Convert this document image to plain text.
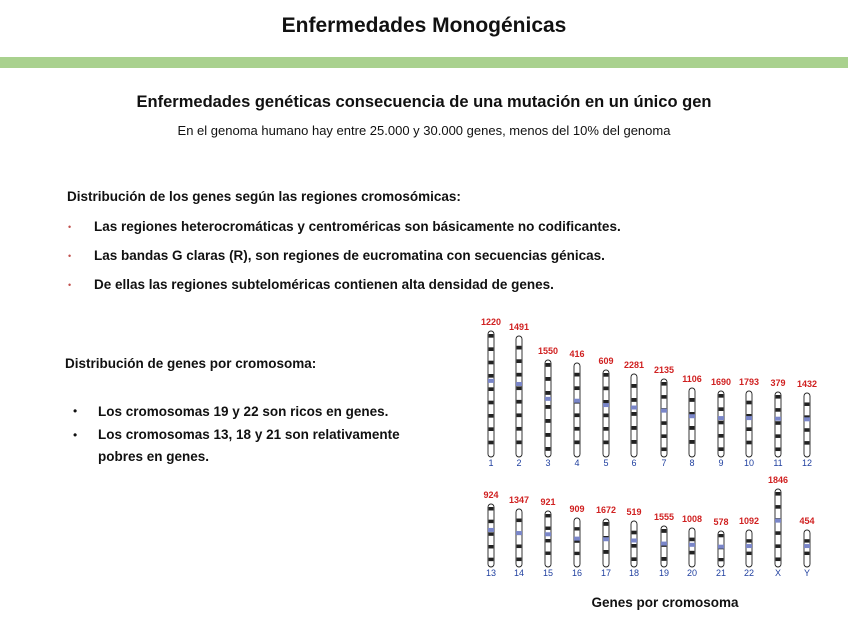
Enfermedades Monogénicas
Enfermedades genéticas consecuencia de una mutación en un único gen
En el genoma humano hay entre 25.000 y 30.000 genes, menos del 10% del genoma
Distribución de los genes según las regiones cromosómicas:
• Las regiones heterocromáticas y centroméricas son básicamente no codificantes.
• Las bandas G claras (R), son regiones de eucromatina con secuencias génicas.
• De ellas las regiones subteloméricas contienen alta densidad de genes.
Distribución de genes por cromosoma:
• Los cromosomas 19 y 22 son ricos en genes.
• Los cromosomas 13, 18 y 21 son relativamente pobres en genes.
1220
1
1491
2
1550
3
416
4
609
5
2281
6
2135
7
1106
8
1690
9
1793
10
379
11
1432
12
924
13
1347
14
921
15
909
16
1672
17
519
18
1555
19
1008
20
578
21
1092
22
1846
X
454
Y
Genes por cromosoma
